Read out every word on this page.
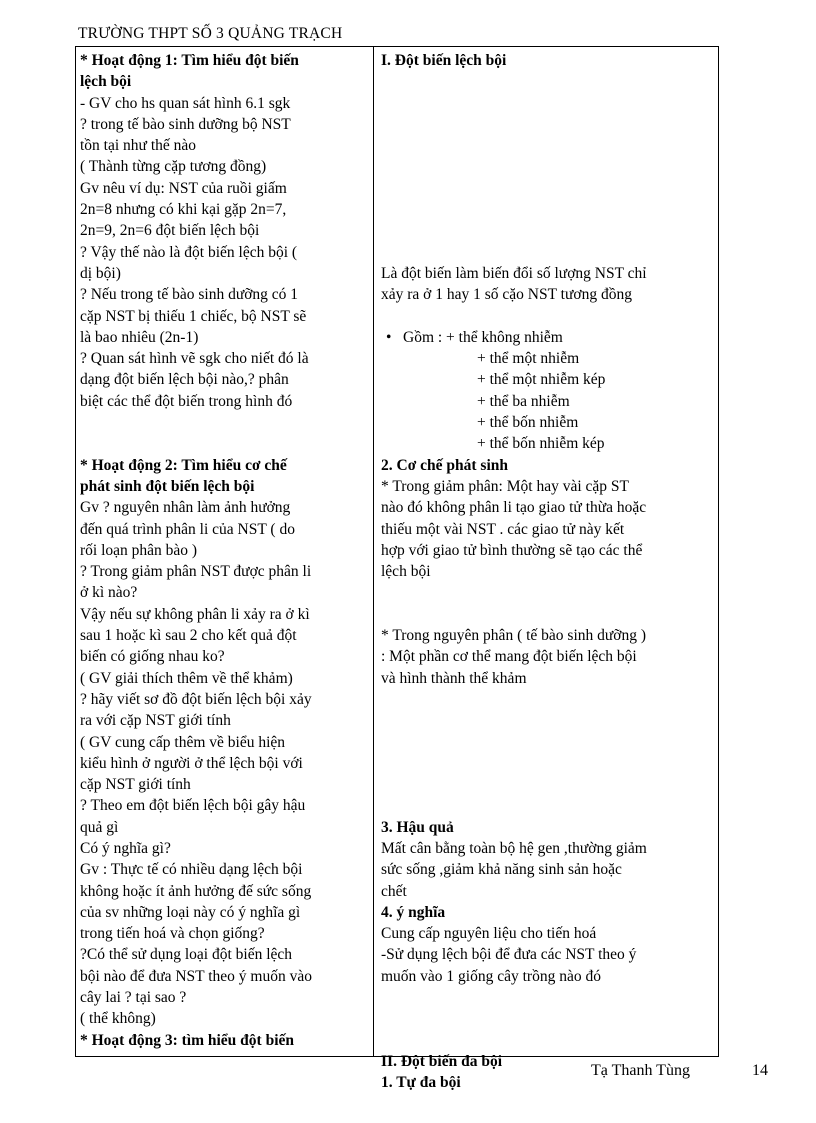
TRƯỜNG THPT SỐ 3 QUẢNG TRẠCH
* Hoạt động 1: Tìm hiểu đột biến
lệch bội
- GV cho hs quan sát hình 6.1 sgk
? trong tế bào sinh dưỡng bộ NST
tồn tại như thế nào
( Thành từng cặp tương đồng)
Gv nêu ví dụ: NST của ruồi giấm
2n=8 nhưng có khi kại gặp 2n=7,
2n=9, 2n=6 đột biến lệch bội
? Vậy thế nào là đột biến lệch bội (
dị bội)
? Nếu trong tế bào sinh dưỡng có 1
cặp NST bị thiếu 1 chiếc, bộ NST sẽ
là bao nhiêu (2n-1)
? Quan sát hình vẽ sgk cho niết đó là
dạng đột biến lệch bội nào,? phân
biệt các thể đột biến trong hình đó
* Hoạt động 2: Tìm hiểu cơ chế
phát sinh đột biến lệch bội
Gv ? nguyên nhân làm ảnh hưởng
đến quá trình phân li của NST ( do
rối loạn phân bào )
? Trong giảm phân NST được phân li
ở kì nào?
Vậy nếu sự không phân li xảy ra ở kì
sau 1 hoặc kì sau 2 cho kết quả đột
biến có giống nhau ko?
( GV giải thích thêm về thể khảm)
? hãy viết sơ đồ đột biến lệch bội xảy
ra với cặp NST giới tính
( GV cung cấp thêm về biểu hiện
kiểu hình ở người ở thể lệch bội với
cặp NST giới tính
? Theo em đột biến lệch bội gây hậu
quả gì
Có ý nghĩa gì?
Gv : Thực tế có nhiều dạng lệch bội
không hoặc ít ảnh hưởng đế sức sống
của sv những loại này có ý nghĩa gì
trong tiến hoá và chọn giống?
?Có thể sử dụng loại đột biến lệch
bội nào để đưa NST theo ý muốn vào
cây lai ? tại sao ?
( thể không)
* Hoạt động 3: tìm hiểu đột biến
I. Đột biến lệch bội
Là đột biến làm biến đổi số lượng NST chỉ
xảy ra ở 1 hay 1 số cặo NST tương đồng
• Gồm : + thể không nhiễm
+ thể một nhiễm
+ thể một nhiễm kép
+ thể ba nhiễm
+ thể bốn nhiễm
+ thể bốn nhiễm kép
2. Cơ chế phát sinh
* Trong giảm phân: Một hay vài cặp ST
nào đó không phân li tạo giao tử thừa hoặc
thiếu một vài NST . các giao tử này kết
hợp với giao tử bình thường sẽ tạo các thể
lệch bội
* Trong nguyên phân ( tế bào sinh dưỡng )
: Một phần cơ thể mang đột biến lệch bội
và hình thành thể khảm
3. Hậu quả
Mất cân bằng toàn bộ hệ gen ,thường giảm
sức sống ,giảm khả năng sinh sản hoặc
chết
4. ý nghĩa
Cung cấp nguyên liệu cho tiến hoá
-Sử dụng lệch bội để đưa các NST theo ý
muốn vào 1 giống cây trồng nào đó
II. Đột biến đa bội
1. Tự đa bội
Tạ Thanh Tùng	14
